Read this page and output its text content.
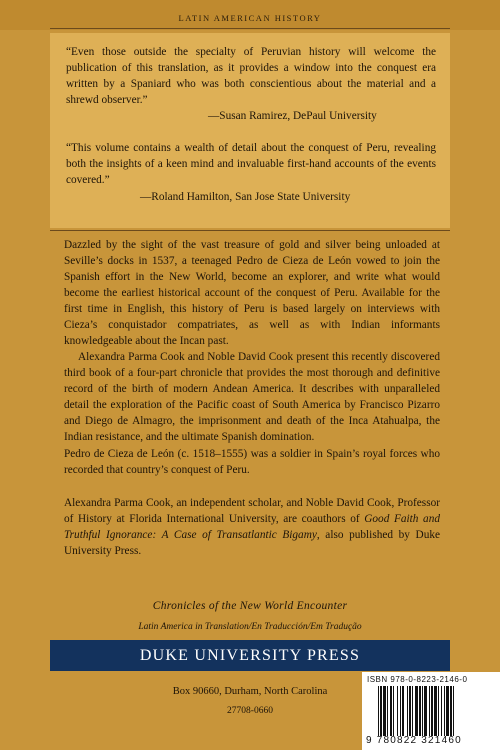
LATIN AMERICAN HISTORY
“Even those outside the specialty of Peruvian history will welcome the publication of this translation, as it provides a window into the conquest era written by a Spaniard who was both conscientious about the material and a shrewd observer.”
—Susan Ramirez, DePaul University
“This volume contains a wealth of detail about the conquest of Peru, revealing both the insights of a keen mind and invaluable first-hand accounts of the events covered.”
—Roland Hamilton, San Jose State University

Dazzled by the sight of the vast treasure of gold and silver being unloaded at Seville’s docks in 1537, a teenaged Pedro de Cieza de León vowed to join the Spanish effort in the New World, become an explorer, and write what would become the earliest historical account of the conquest of Peru. Available for the first time in English, this history of Peru is based largely on interviews with Cieza’s conquistador compatriates, as well as with Indian informants knowledgeable about the Incan past.

Alexandra Parma Cook and Noble David Cook present this recently discovered third book of a four-part chronicle that provides the most thorough and definitive record of the birth of modern Andean America. It describes with unparalleled detail the exploration of the Pacific coast of South America by Francisco Pizarro and Diego de Almagro, the imprisonment and death of the Inca Atahualpa, the Indian resistance, and the ultimate Spanish domination.

Pedro de Cieza de León (c. 1518–1555) was a soldier in Spain’s royal forces who recorded that country’s conquest of Peru.

Alexandra Parma Cook, an independent scholar, and Noble David Cook, Professor of History at Florida International University, are coauthors of Good Faith and Truthful Ignorance: A Case of Transatlantic Bigamy, also published by Duke University Press.

Chronicles of the New World Encounter
Latin America in Translation/En Traducción/Em Tradução
DUKE UNIVERSITY PRESS
Box 90660, Durham, North Carolina
27708-0660
ISBN 978-0-8223-2146-0
9 780822 321460
